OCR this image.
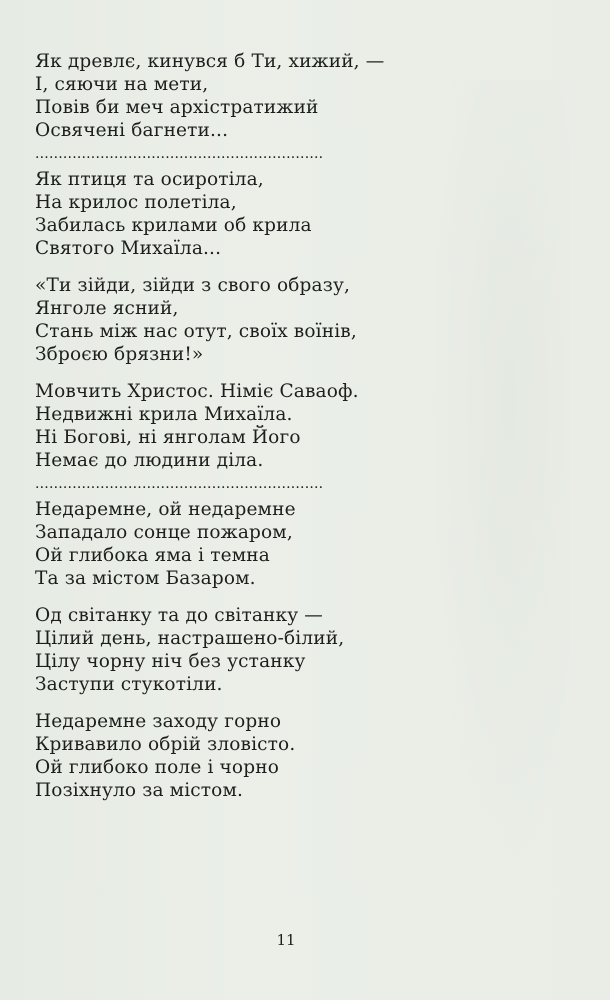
Як древлє, кинувся б Ти, хижий, —
І, сяючи на мети,
Повів би меч архістратижий
Освячені багнети...
..............................................................
Як птиця та осиротіла,
На крилос полетіла,
Забилась крилами об крила
Святого Михаїла...
«Ти зійди, зійди з свого образу,
Янголе ясний,
Стань між нас отут, своїх воїнів,
Зброєю брязни!»
Мовчить Христос. Німіє Саваоф.
Недвижні крила Михаїла.
Ні Богові, ні янголам Його
Немає до людини діла.
..............................................................
Недаремне, ой недаремне
Западало сонце пожаром,
Ой глибока яма і темна
Та за містом Базаром.
Од світанку та до світанку —
Цілий день, настрашено-білий,
Цілу чорну ніч без устанку
Заступи стукотіли.
Недаремне заходу горно
Кривавило обрій зловісто.
Ой глибоко поле і чорно
Позіхнуло за містом.
11
